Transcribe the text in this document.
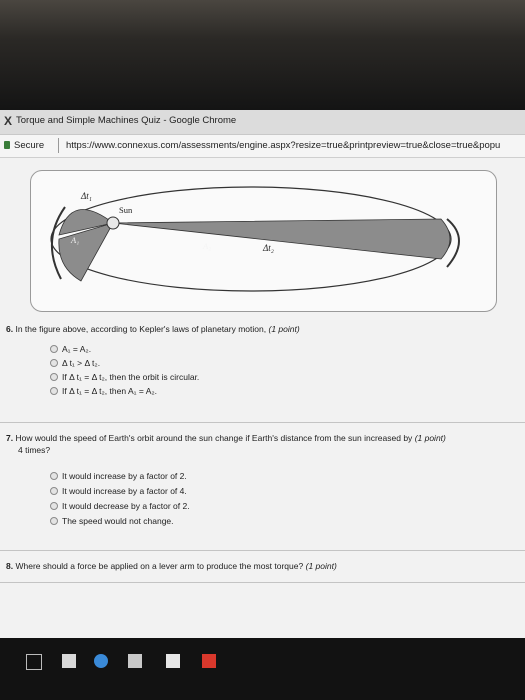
X Torque and Simple Machines Quiz - Google Chrome
Secure https://www.connexus.com/assessments/engine.aspx?resize=true&printpreview=true&close=true&popu
Δt₁
Sun
A₁
A₂	Δt₂
6. In the figure above, according to Kepler's laws of planetary motion, (1 point)
A₁ = A₂.
Δ t₁ > Δ t₂.
If Δ t₁ = Δ t₂, then the orbit is circular.
If Δ t₁ = Δ t₂, then A₁ = A₂.
7. How would the speed of Earth's orbit around the sun change if Earth's distance from the sun increased by (1 point)
4 times?
It would increase by a factor of 2.
It would increase by a factor of 4.
It would decrease by a factor of 2.
The speed would not change.
8. Where should a force be applied on a lever arm to produce the most torque? (1 point)
